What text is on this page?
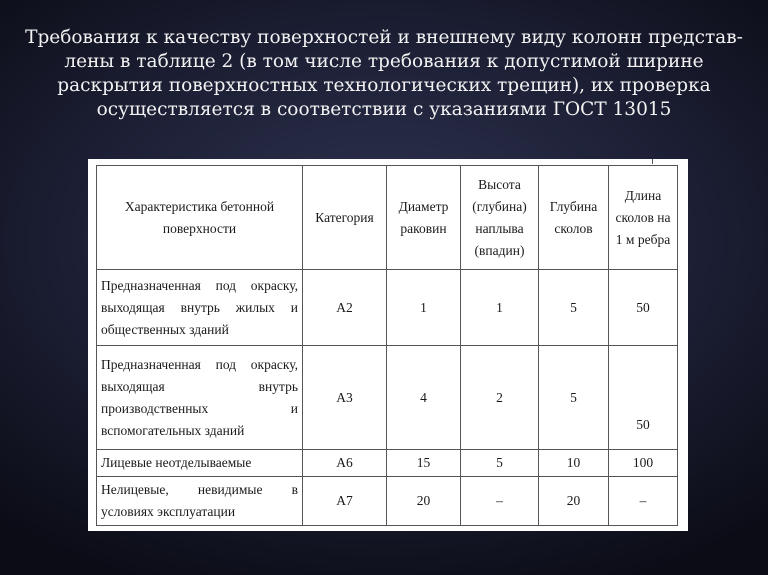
Требования к качеству поверхностей и внешнему виду колонн представ-
лены в таблице 2 (в том числе требования к допустимой ширине
раскрытия поверхностных технологических трещин), их проверка
осуществляется в соответствии с указаниями ГОСТ 13015
Характеристика бетонной поверхности	Категория	Диаметр раковин	Высота (глубина) наплыва (впадин)	Глубина сколов	Длина сколов на 1 м ребра
Предназначенная под окраску, выходящая внутрь жилых и общественных зданий	А2	1	1	5	50
Предназначенная под окраску, выходящая внутрь производственных и вспомогательных зданий	А3	4	2	5	50
Лицевые неотделываемые	А6	15	5	10	100
Нелицевые, невидимые в условиях эксплуатации	А7	20	–	20	–
